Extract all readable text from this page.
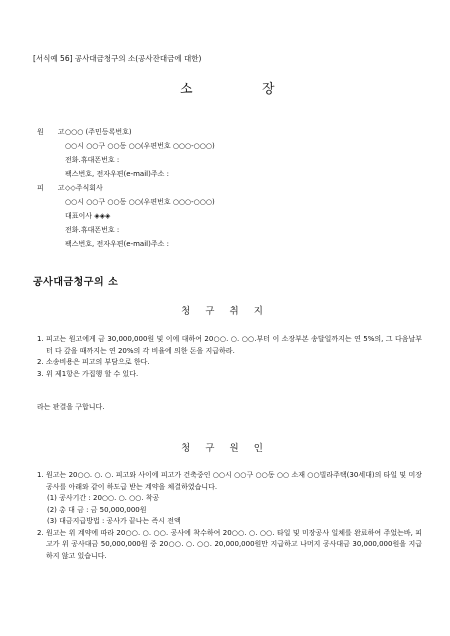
[서식예 56] 공사대금청구의 소(공사잔대금에 대한)
소	장
원 고 ○○○ (주민등록번호)
○○시 ○○구 ○○동 ○○(우편번호 ○○○-○○○)
전화․휴대폰번호 :
팩스번호, 전자우편(e-mail)주소 :
피 고 ◇◇주식회사
○○시 ○○구 ○○동 ○○(우편번호 ○○○-○○○)
대표이사 ◈◈◈
전화․휴대폰번호 :
팩스번호, 전자우편(e-mail)주소 :
공사대금청구의 소
청 구 취 지
1. 피고는 원고에게 금 30,000,000원 및 이에 대하여 20○○. ○. ○○.부터 이 소장부본 송달일까지는 연 5%의, 그 다음날부터 다 갚을 때까지는 연 20%의 각 비율에 의한 돈을 지급하라.
2. 소송비용은 피고의 부담으로 한다.
3. 위 제1항은 가집행 할 수 있다.
라는 판결을 구합니다.
청 구 원 인
1. 원고는 20○○. ○. ○. 피고와 사이에 피고가 건축중인 ○○시 ○○구 ○○동 ○○ 소재 ○○빌라주택(30세대)의 타일 및 미장공사를 아래와 같이 하도급 받는 계약을 체결하였습니다.
(1) 공사기간 : 20○○. ○. ○○. 착공
(2) 총 대 금 : 금 50,000,000원
(3) 대금지급방법 : 공사가 끝나는 즉시 전액
2. 원고는 위 계약에 따라 20○○. ○. ○○. 공사에 착수하여 20○○. ○. ○○. 타일 및 미장공사 일체를 완료하여 주었는바, 피고가 위 공사대금 50,000,000원 중 20○○. ○. ○○. 20,000,000원만 지급하고 나머지 공사대금 30,000,000원을 지급하지 않고 있습니다.
